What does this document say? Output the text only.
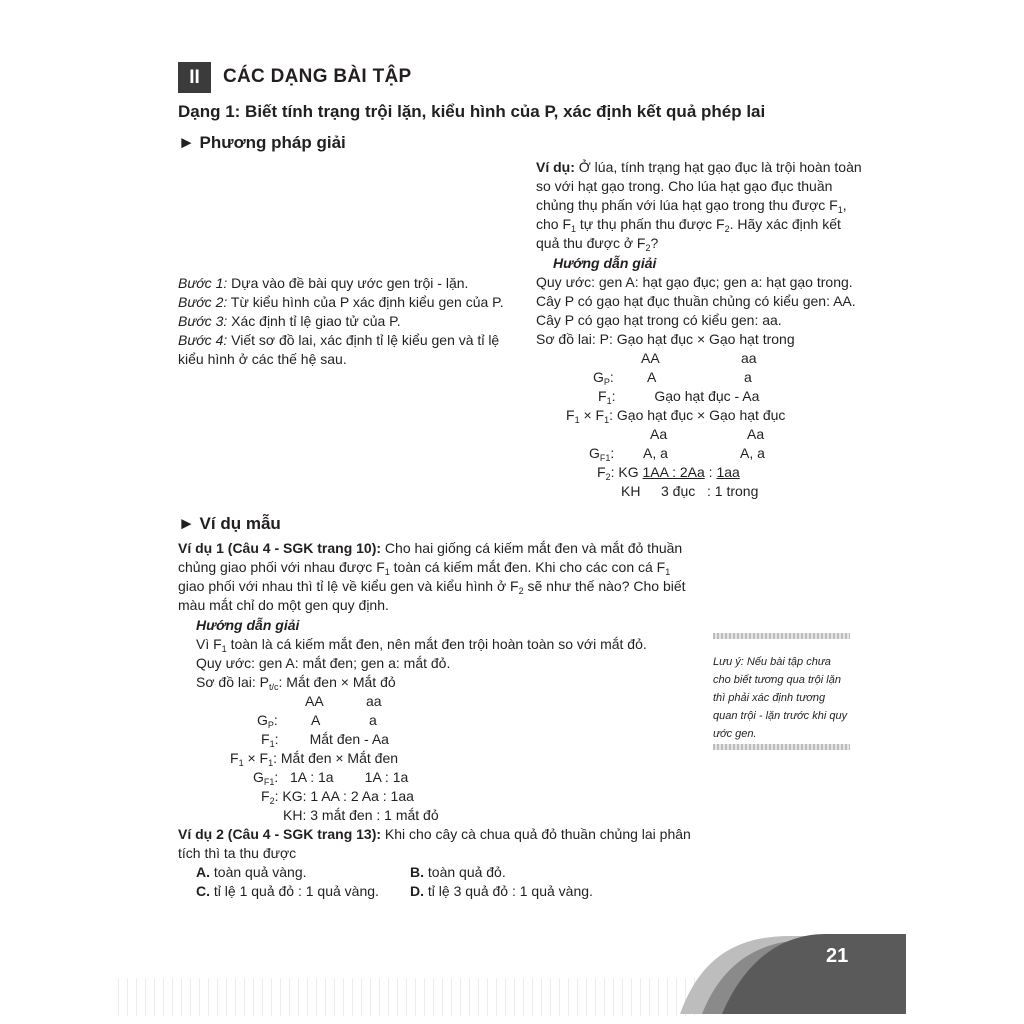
II	CÁC DẠNG BÀI TẬP
Dạng 1: Biết tính trạng trội lặn, kiểu hình của P, xác định kết quả phép lai
► Phương pháp giải
Bước 1: Dựa vào đề bài quy ước gen trội - lặn.
Bước 2: Từ kiểu hình của P xác định kiểu gen của P.
Bước 3: Xác định tỉ lệ giao tử của P.
Bước 4: Viết sơ đồ lai, xác định tỉ lệ kiểu gen và tỉ lệ
kiểu hình ở các thế hệ sau.
Ví dụ: Ở lúa, tính trạng hạt gạo đục là trội hoàn toàn
so với hạt gạo trong. Cho lúa hạt gạo đục thuần
chủng thụ phấn với lúa hạt gạo trong thu được $F_1$,
cho $F_1$ tự thụ phấn thu được $F_2$. Hãy xác định kết
quả thu được ở $F_2$?
Hướng dẫn giải
Quy ước: gen A: hạt gạo đục; gen a: hạt gạo trong.
Cây P có gạo hạt đục thuần chủng có kiểu gen: AA.
Cây P có gạo hạt trong có kiểu gen: aa.
Sơ đồ lai: P: Gạo hạt đục × Gạo hạt trong
AA	aa
$G_P$: A	a
$F_1$:          Gạo hạt đục - Aa
$F_1 \times F_1$: Gạo hạt đục × Gạo hạt đục
Aa	Aa
$G_{F1}$: A, a	A, a
$F_2$: KG 1AA : 2Aa : 1aa
KH 3 đục : 1 trong
► Ví dụ mẫu
Ví dụ 1 (Câu 4 - SGK trang 10): Cho hai giống cá kiếm mắt đen và mắt đỏ thuần
chủng giao phối với nhau được $F_1$ toàn cá kiếm mắt đen. Khi cho các con cá $F_1$
giao phối với nhau thì tỉ lệ về kiểu gen và kiểu hình ở $F_2$ sẽ như thế nào? Cho biết
màu mắt chỉ do một gen quy định.
Hướng dẫn giải
Vì $F_1$ toàn là cá kiếm mắt đen, nên mắt đen trội hoàn toàn so với mắt đỏ.
Quy ước: gen A: mắt đen; gen a: mắt đỏ.
Sơ đồ lai: $P_{t/c}$: Mắt đen × Mắt đỏ
AA	aa
$G_P$: A	a
$F_1$:        Mắt đen - Aa
$F_1 \times F_1$: Mắt đen × Mắt đen
$G_{F1}$:   1A : 1a        1A : 1a
$F_2$: KG: 1 AA : 2 Aa : 1aa
KH: 3 mắt đen : 1 mắt đỏ
Ví dụ 2 (Câu 4 - SGK trang 13): Khi cho cây cà chua quả đỏ thuần chủng lai phân
tích thì ta thu được
A. toàn quả vàng.	B. toàn quả đỏ.
C. tỉ lệ 1 quả đỏ : 1 quả vàng. D. tỉ lệ 3 quả đỏ : 1 quả vàng.
Lưu ý: Nếu bài tập chưa cho biết tương qua trội lặn thì phải xác định tương quan trội - lặn trước khi quy ước gen.
21
